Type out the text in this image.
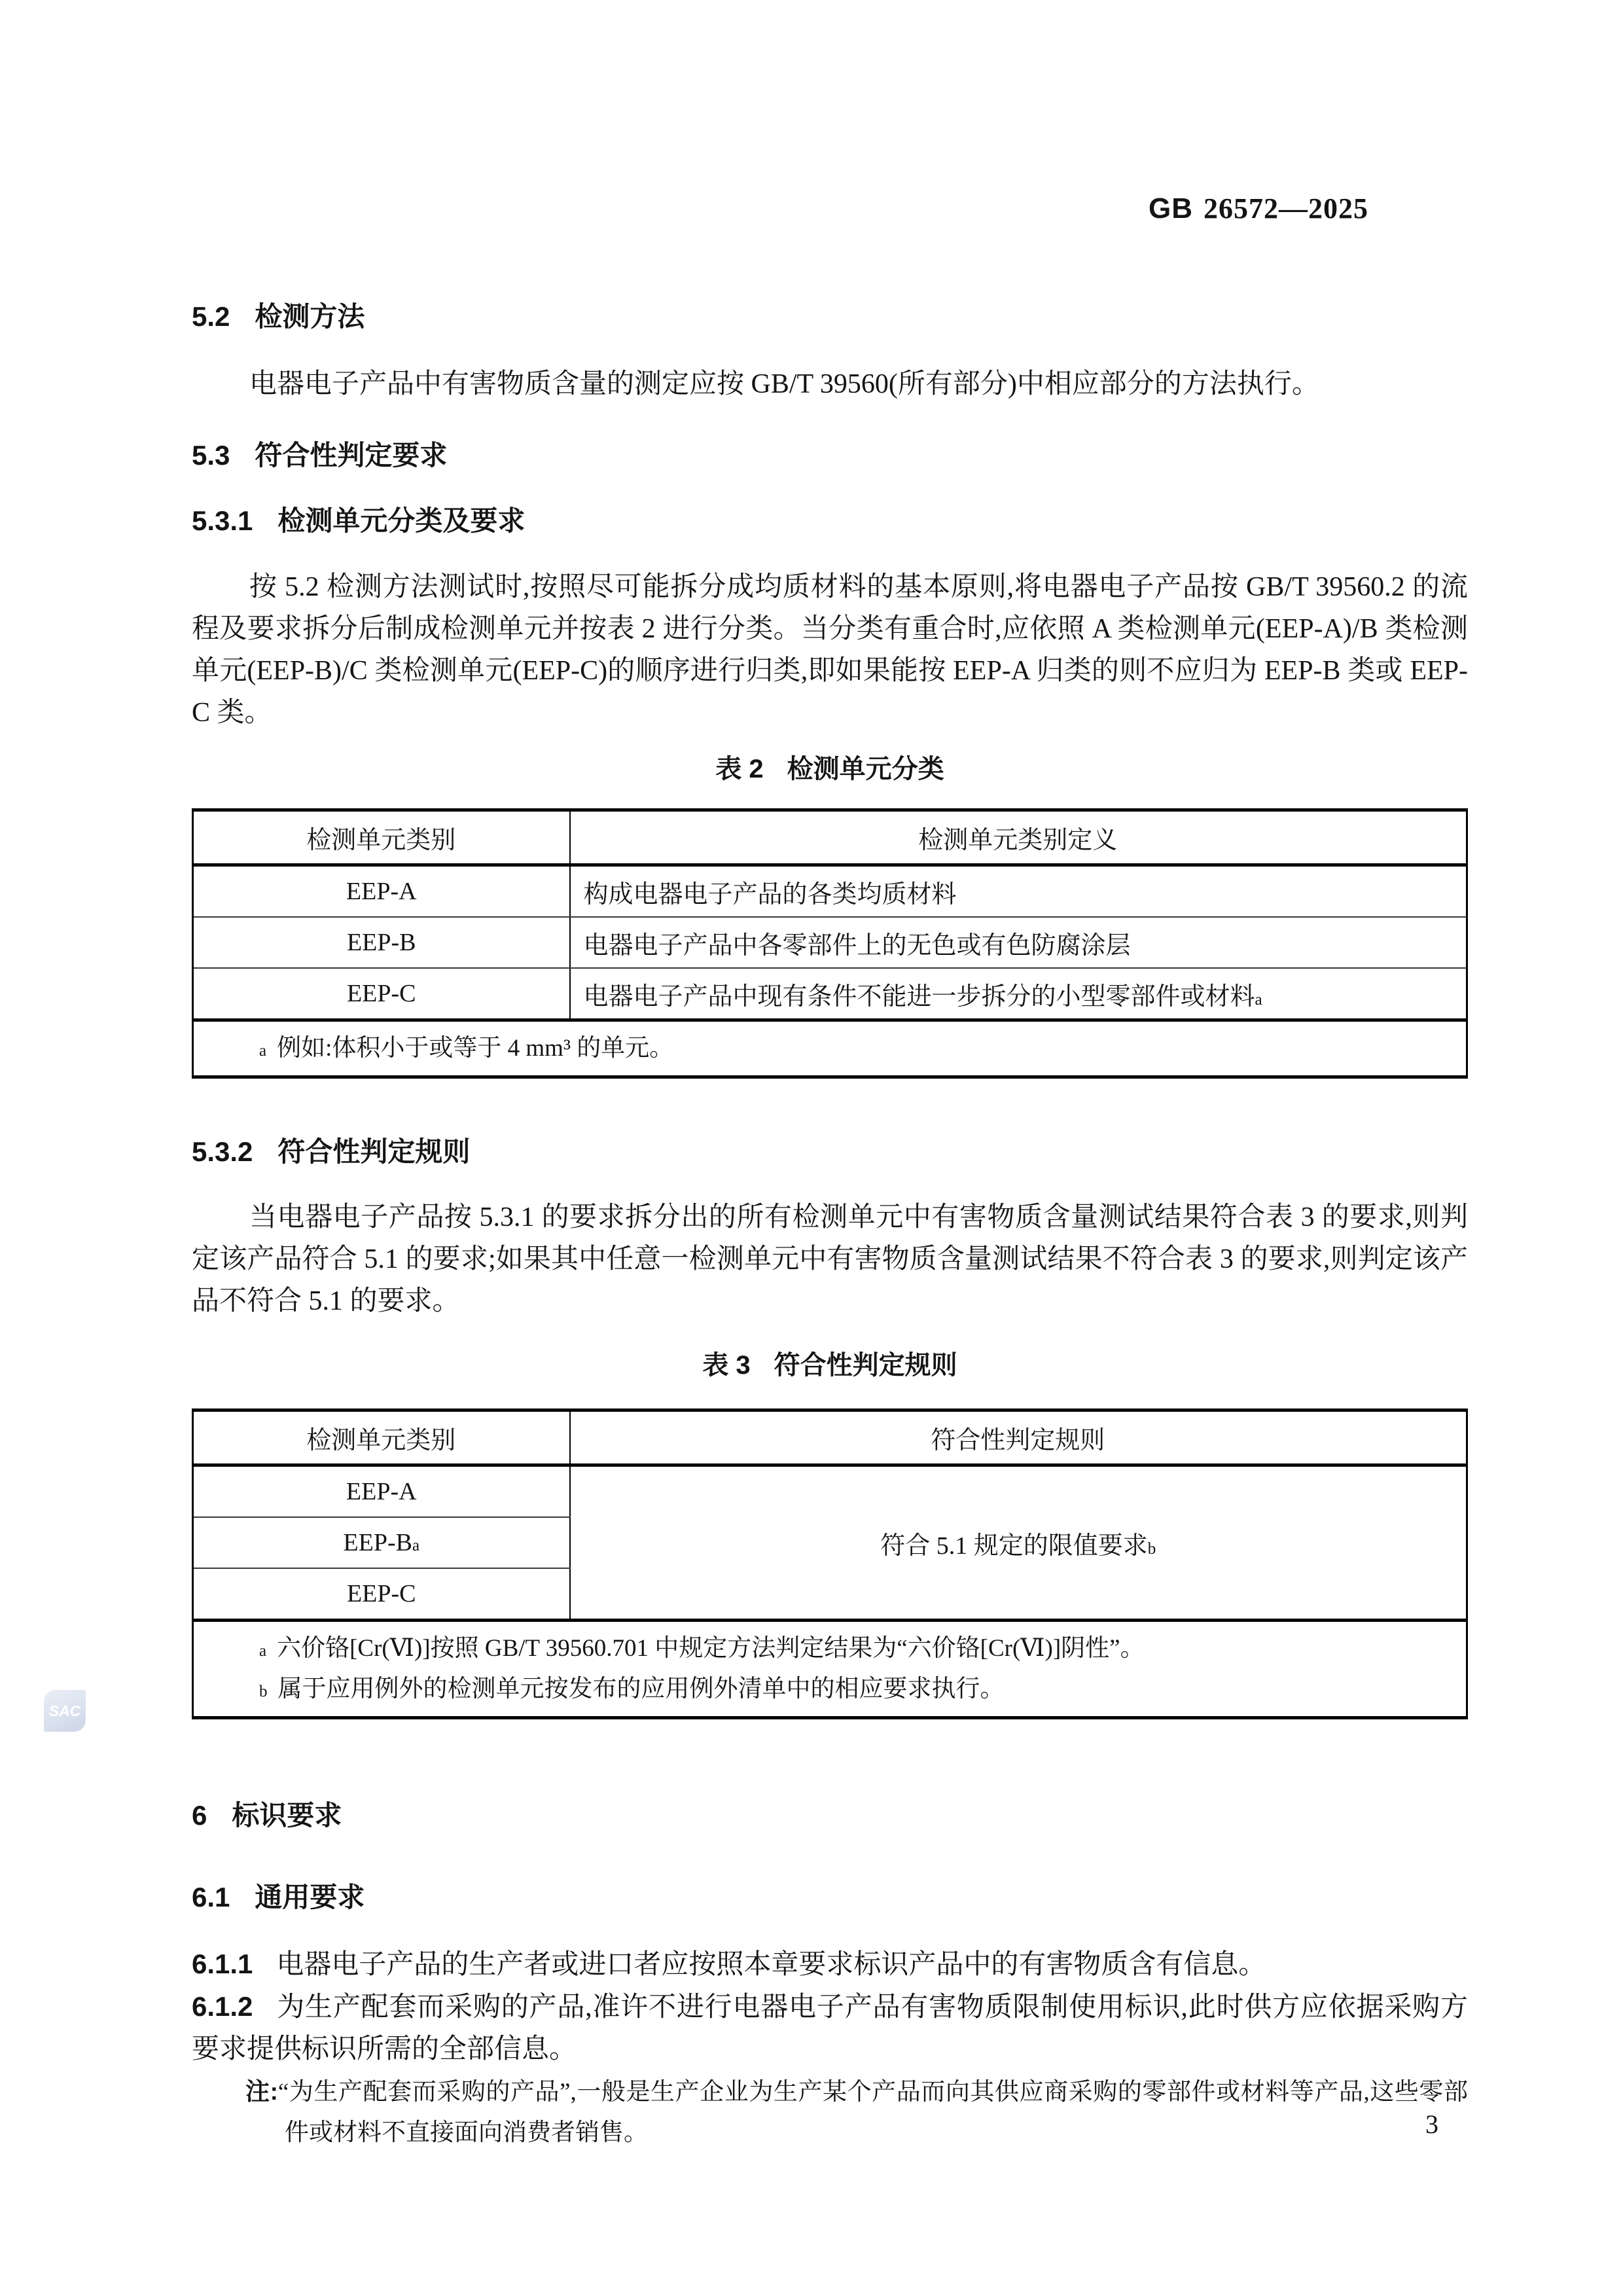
SAC
GB 26572—2025
5.2 检测方法
电器电子产品中有害物质含量的测定应按 GB/T 39560(所有部分)中相应部分的方法执行。
5.3 符合性判定要求
5.3.1 检测单元分类及要求
按 5.2 检测方法测试时,按照尽可能拆分成均质材料的基本原则,将电器电子产品按 GB/T 39560.2 的流程及要求拆分后制成检测单元并按表 2 进行分类。当分类有重合时,应依照 A 类检测单元(EEP-A)/B 类检测单元(EEP-B)/C 类检测单元(EEP-C)的顺序进行归类,即如果能按 EEP-A 归类的则不应归为 EEP-B 类或 EEP-C 类。
表 2 检测单元分类
检测单元类别	检测单元类别定义
EEP-A	构成电器电子产品的各类均质材料
EEP-B	电器电子产品中各零部件上的无色或有色防腐涂层
EEP-C	电器电子产品中现有条件不能进一步拆分的小型零部件或材料$^a$

$^a$ 例如:体积小于或等于 4 mm³ 的单元。	
5.3.2 符合性判定规则
当电器电子产品按 5.3.1 的要求拆分出的所有检测单元中有害物质含量测试结果符合表 3 的要求,则判定该产品符合 5.1 的要求;如果其中任意一检测单元中有害物质含量测试结果不符合表 3 的要求,则判定该产品不符合 5.1 的要求。
表 3 符合性判定规则
检测单元类别	符合性判定规则
EEP-A	符合 5.1 规定的限值要求$^b$
EEP-B$^a$
EEP-C	

$^a$ 六价铬[Cr(Ⅵ)]按照 GB/T 39560.701 中规定方法判定结果为“六价铬[Cr(Ⅵ)]阴性”。
$^b$ 属于应用例外的检测单元按发布的应用例外清单中的相应要求执行。	
6 标识要求
6.1 通用要求
6.1.1 电器电子产品的生产者或进口者应按照本章要求标识产品中的有害物质含有信息。
6.1.2 为生产配套而采购的产品,准许不进行电器电子产品有害物质限制使用标识,此时供方应依据采购方要求提供标识所需的全部信息。
注:“为生产配套而采购的产品”,一般是生产企业为生产某个产品而向其供应商采购的零部件或材料等产品,这些零部件或材料不直接面向消费者销售。	3
